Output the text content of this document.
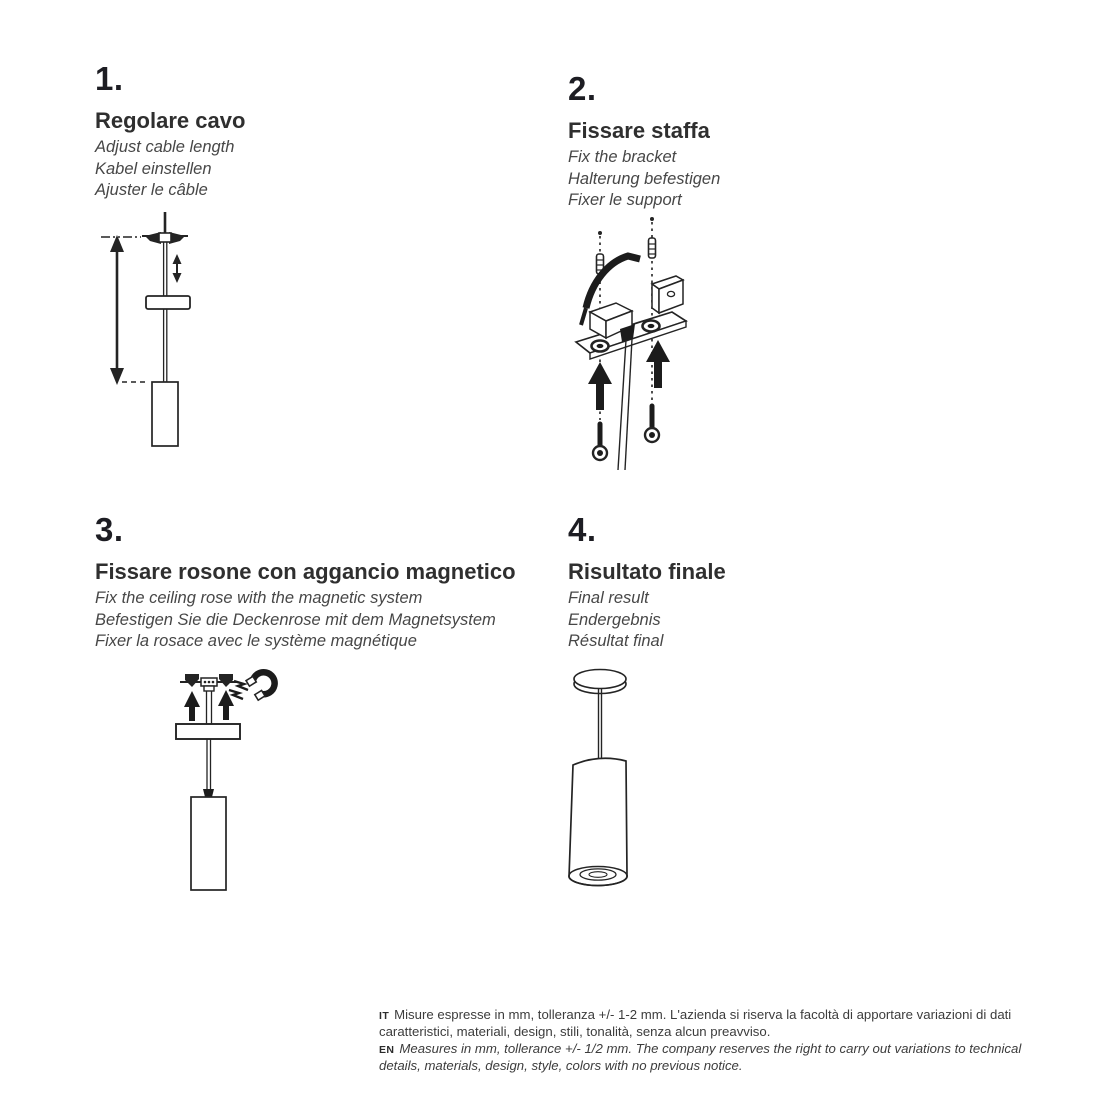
1.
Regolare cavo
Adjust cable length
Kabel einstellen
Ajuster le câble
2.
Fissare staffa
Fix the bracket
Halterung befestigen
Fixer le support
3.
Fissare rosone con aggancio magnetico
Fix the ceiling rose with the magnetic system
Befestigen Sie die Deckenrose mit dem Magnetsystem
Fixer la rosace avec le système magnétique
4.
Risultato finale
Final result
Endergebnis
Résultat final

IT Misure espresse in mm, tolleranza +/- 1-2 mm. L'azienda si riserva la facoltà di apportare variazioni di dati caratteristici, materiali, design, stili, tonalità, senza alcun preavviso.

EN Measures in mm, tollerance +/- 1/2 mm. The company reserves the right to carry out variations to technical details, materials, design, style, colors with no previous notice.
